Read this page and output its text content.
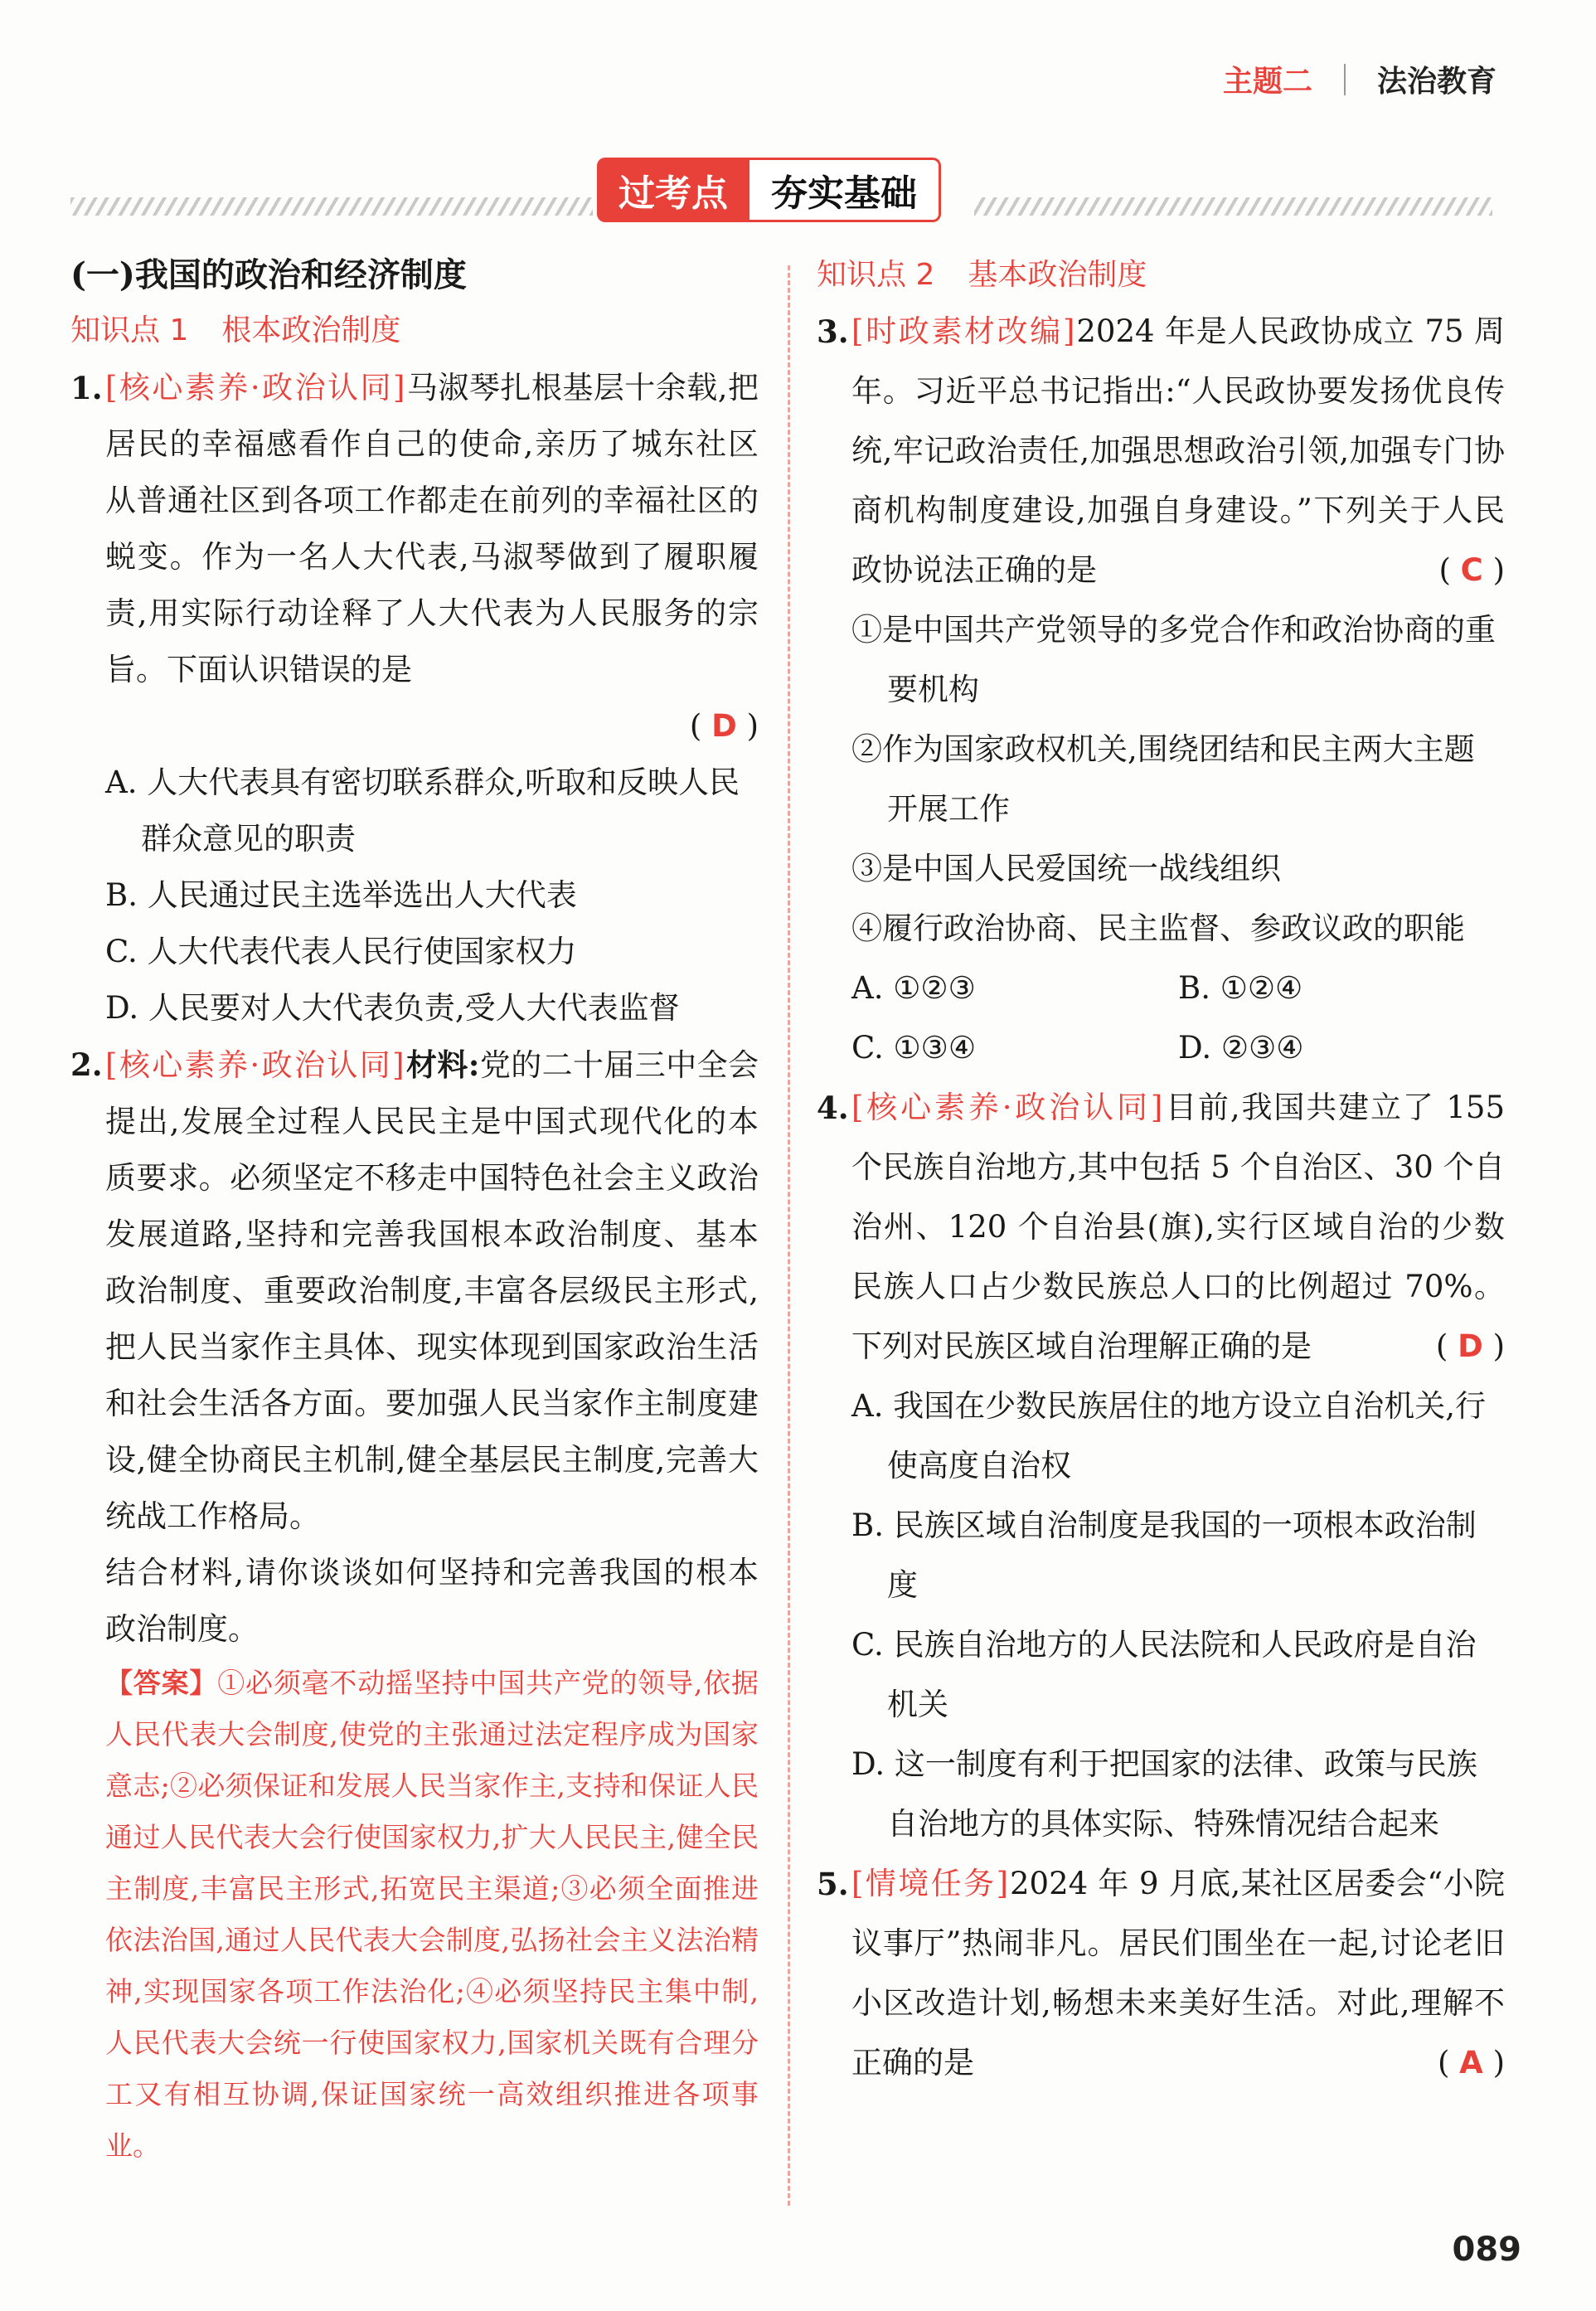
主题二 法治教育
过考点	夯实基础
(一)我国的政治和经济制度
知识点 1 根本政治制度
1. [ 核心素养·政治认同 ] 马淑琴扎根基层十余载,把居民的幸福感看作自己的使命,亲历了城东社区从普通社区到各项工作都走在前列的幸福社区的蜕变。作为一名人大代表,马淑琴做到了履职履责,用实际行动诠释了人大代表为人民服务的宗旨。下面认识错误的是
( D )
A. 人大代表具有密切联系群众,听取和反映人民群众意见的职责
B. 人民通过民主选举选出人大代表
C. 人大代表代表人民行使国家权力
D. 人民要对人大代表负责,受人大代表监督
2. [ 核心素养·政治认同 ] 材料:党的二十届三中全会提出,发展全过程人民民主是中国式现代化的本质要求。必须坚定不移走中国特色社会主义政治发展道路,坚持和完善我国根本政治制度、基本政治制度、重要政治制度,丰富各层级民主形式,把人民当家作主具体、现实体现到国家政治生活和社会生活各方面。要加强人民当家作主制度建设,健全协商民主机制,健全基层民主制度,完善大统战工作格局。
结合材料,请你谈谈如何坚持和完善我国的根本政治制度。
【答案】①必须毫不动摇坚持中国共产党的领导,依据人民代表大会制度,使党的主张通过法定程序成为国家意志;②必须保证和发展人民当家作主,支持和保证人民通过人民代表大会行使国家权力,扩大人民民主,健全民主制度,丰富民主形式,拓宽民主渠道;③必须全面推进依法治国,通过人民代表大会制度,弘扬社会主义法治精神,实现国家各项工作法治化;④必须坚持民主集中制,人民代表大会统一行使国家权力,国家机关既有合理分工又有相互协调,保证国家统一高效组织推进各项事业。
知识点 2 基本政治制度
3. [ 时政素材改编 ] 2024 年是人民政协成立 75 周年。习近平总书记指出:“人民政协要发扬优良传统,牢记政治责任,加强思想政治引领,加强专门协商机构制度建设,加强自身建设。”下列关于人民政协说法正确的是	( C )
①是中国共产党领导的多党合作和政治协商的重要机构
②作为国家政权机关,围绕团结和民主两大主题开展工作
③是中国人民爱国统一战线组织
④履行政治协商、民主监督、参政议政的职能
A. ①②③	B. ①②④
C. ①③④	D. ②③④
4. [ 核心素养·政治认同 ] 目前,我国共建立了 155 个民族自治地方,其中包括 5 个自治区、30 个自治州、120 个自治县(旗),实行区域自治的少数民族人口占少数民族总人口的比例超过 70%。下列对民族区域自治理解正确的是	( D )
A. 我国在少数民族居住的地方设立自治机关,行使高度自治权
B. 民族区域自治制度是我国的一项根本政治制度
C. 民族自治地方的人民法院和人民政府是自治机关
D. 这一制度有利于把国家的法律、政策与民族自治地方的具体实际、特殊情况结合起来
5. [ 情境任务 ] 2024 年 9 月底,某社区居委会“小院议事厅”热闹非凡。居民们围坐在一起,讨论老旧小区改造计划,畅想未来美好生活。对此,理解不正确的是	( A )
089
